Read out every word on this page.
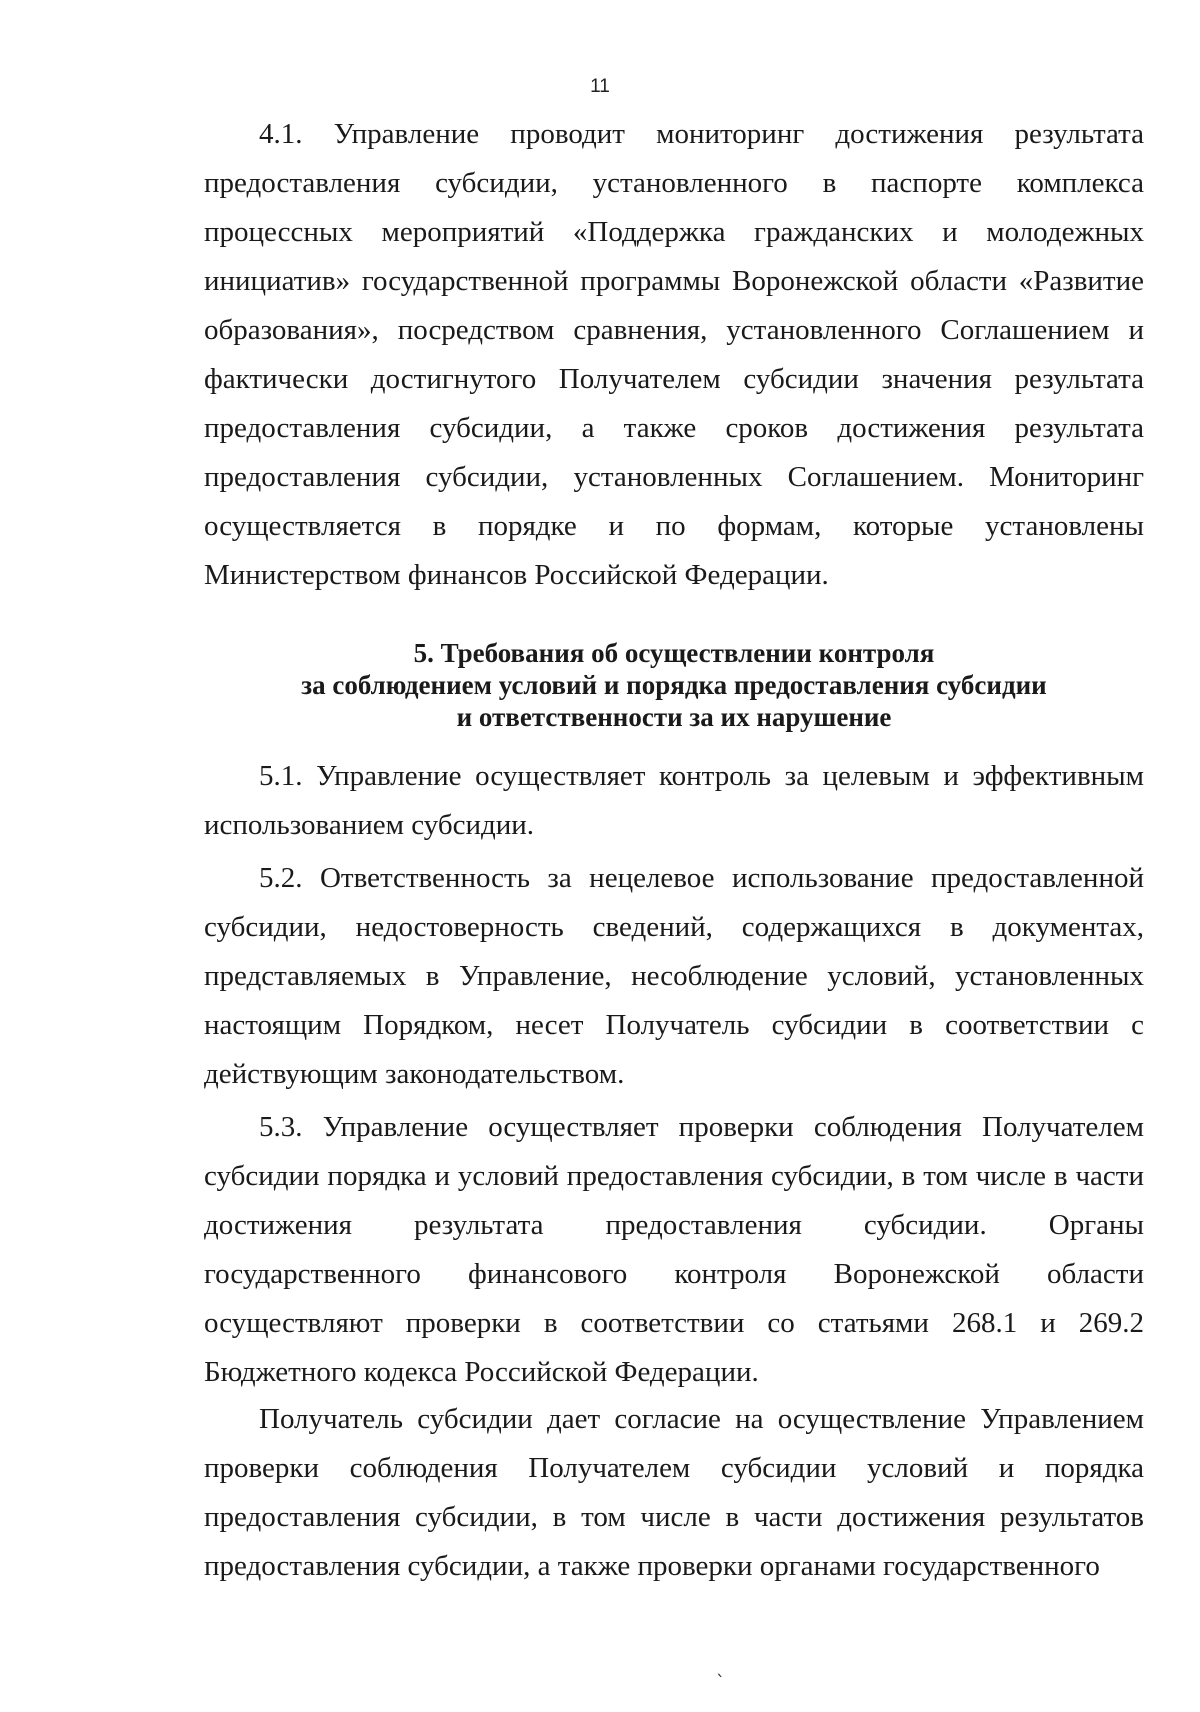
11

4.1. Управление проводит мониторинг достижения результата предоставления субсидии, установленного в паспорте комплекса процессных мероприятий «Поддержка гражданских и молодежных инициатив» государственной программы Воронежской области «Развитие образования», посредством сравнения, установленного Соглашением и фактически достигнутого Получателем субсидии значения результата предоставления субсидии, а также сроков достижения результата предоставления субсидии, установленных Соглашением. Мониторинг осуществляется в порядке и по формам, которые установлены Министерством финансов Российской Федерации.

5. Требования об осуществлении контроля
за соблюдением условий и порядка предоставления субсидии
и ответственности за их нарушение

5.1. Управление осуществляет контроль за целевым и эффективным использованием субсидии.

5.2. Ответственность за нецелевое использование предоставленной субсидии, недостоверность сведений, содержащихся в документах, представляемых в Управление, несоблюдение условий, установленных настоящим Порядком, несет Получатель субсидии в соответствии с действующим законодательством.

5.3. Управление осуществляет проверки соблюдения Получателем субсидии порядка и условий предоставления субсидии, в том числе в части достижения результата предоставления субсидии. Органы государственного финансового контроля Воронежской области осуществляют проверки в соответствии со статьями 268.1 и 269.2 Бюджетного кодекса Российской Федерации.

Получатель субсидии дает согласие на осуществление Управлением проверки соблюдения Получателем субсидии условий и порядка предоставления субсидии, в том числе в части достижения результатов предоставления субсидии, а также проверки органами государственного

ˋ
